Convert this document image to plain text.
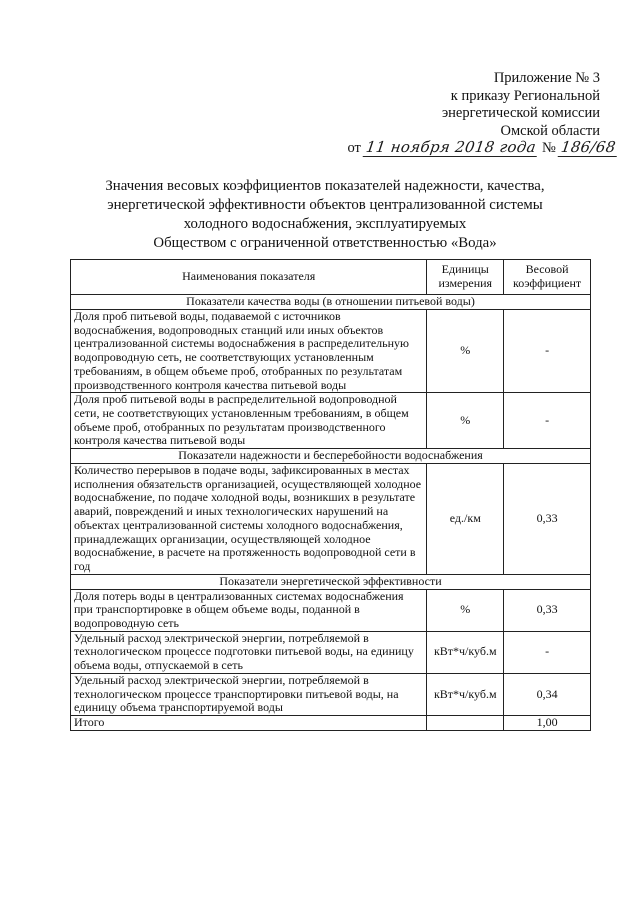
Приложение № 3
к приказу Региональной
энергетической комиссии
Омской области
от 11 ноября 2018 года № 186/68
Значения весовых коэффициентов показателей надежности, качества,
энергетической эффективности объектов централизованной системы
холодного водоснабжения, эксплуатируемых
Обществом с ограниченной ответственностью «Вода»
Наименования показателя	Единицы измерения	Весовой коэффициент
Показатели качества воды (в отношении питьевой воды)		
Доля проб питьевой воды, подаваемой с источников водоснабжения, водопроводных станций или иных объектов централизованной системы водоснабжения в распределительную водопроводную сеть, не соответствующих установленным требованиям, в общем объеме проб, отобранных по результатам производственного контроля качества питьевой воды	%	-
Доля проб питьевой воды в распределительной водопроводной сети, не соответствующих установленным требованиям, в общем объеме проб, отобранных по результатам производственного контроля качества питьевой воды	%	-
Показатели надежности и бесперебойности водоснабжения		
Количество перерывов в подаче воды, зафиксированных в местах исполнения обязательств организацией, осуществляющей холодное водоснабжение, по подаче холодной воды, возникших в результате аварий, повреждений и иных технологических нарушений на объектах централизованной системы холодного водоснабжения, принадлежащих организации, осуществляющей холодное водоснабжение, в расчете на протяженность водопроводной сети в год	ед./км	0,33
Показатели энергетической эффективности		
Доля потерь воды в централизованных системах водоснабжения при транспортировке в общем объеме воды, поданной в водопроводную сеть	%	0,33
Удельный расход электрической энергии, потребляемой в технологическом процессе подготовки питьевой воды, на единицу объема воды, отпускаемой в сеть	кВт*ч/куб.м	-
Удельный расход электрической энергии, потребляемой в технологическом процессе транспортировки питьевой воды, на единицу объема транспортируемой воды	кВт*ч/куб.м	0,34
Итого		1,00
